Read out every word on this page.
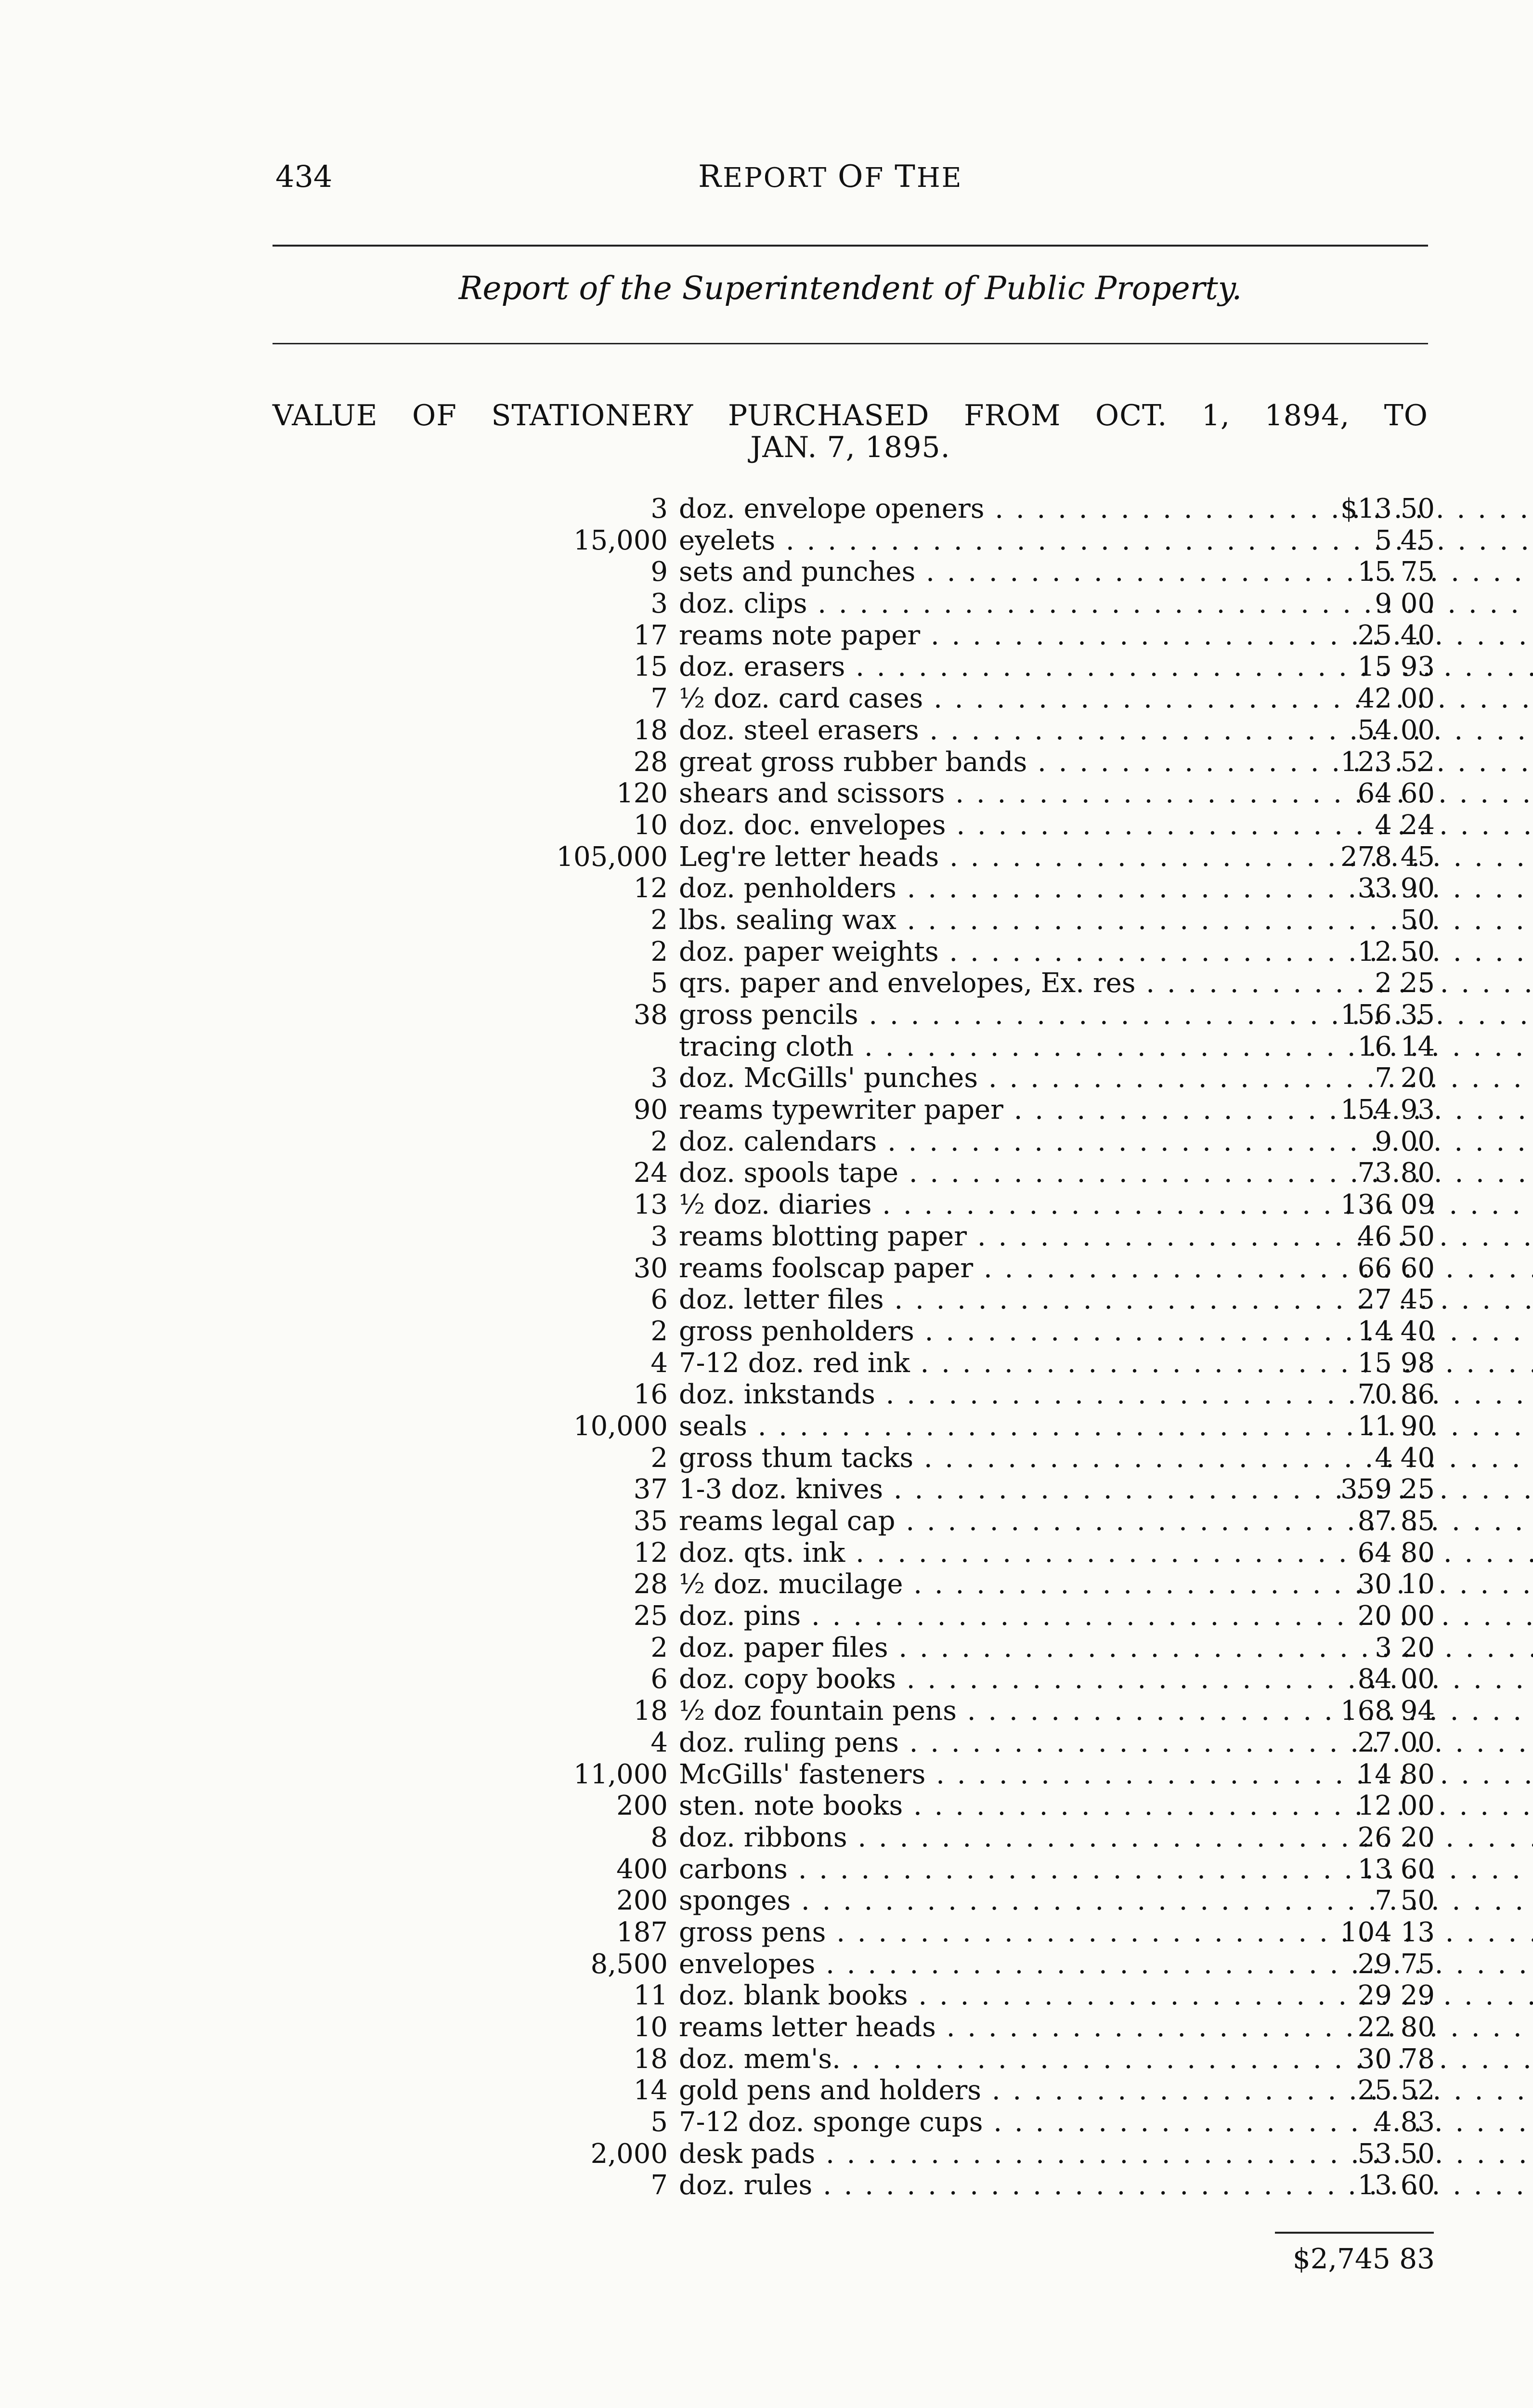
434	REPORT OF THE
Report of the Superintendent of Public Property.
VALUE OF STATIONERY PURCHASED FROM OCT. 1, 1894, TO
JAN. 7, 1895.
3 doz. envelope openers . . .	$13 50
15,000 eyelets . . .	5 45
9 sets and punches . . .	15 75
3 doz. clips . . .	9 00
17 reams note paper . . .	25 40
15 doz. erasers . . .	15 93
7 ½ doz. card cases . . .	42 00
18 doz. steel erasers . . .	54 00
28 great gross rubber bands . . .	123 52
120 shears and scissors . . .	64 60
10 doz. doc. envelopes . . .	4 24
105,000 Leg're letter heads . . .	278 45
12 doz. penholders . . .	33 90
2 lbs. sealing wax . . .	50
2 doz. paper weights . . .	12 50
5 qrs. paper and envelopes, Ex. res . . .	2 25
38 gross pencils . . .	156 35
tracing cloth . . .	16 14
3 doz. McGills' punches . . .	7 20
90 reams typewriter paper . . .	154 93
2 doz. calendars . . .	9 00
24 doz. spools tape . . .	73 80
13 ½ doz. diaries . . .	136 09
3 reams blotting paper . . .	46 50
30 reams foolscap paper . . .	66 60
6 doz. letter files . . .	27 45
2 gross penholders . . .	14 40
4 7-12 doz. red ink . . .	15 98
16 doz. inkstands . . .	70 86
10,000 seals . . .	11 90
2 gross thum tacks . . .	4 40
37 1-3 doz. knives . . .	359 25
35 reams legal cap . . .	87 85
12 doz. qts. ink . . .	64 80
28 ½ doz. mucilage . . .	30 10
25 doz. pins . . .	20 00
2 doz. paper files . . .	3 20
6 doz. copy books . . .	84 00
18 ½ doz fountain pens . . .	168 94
4 doz. ruling pens . . .	27 00
11,000 McGills' fasteners . . .	14 80
200 sten. note books . . .	12 00
8 doz. ribbons . . .	26 20
400 carbons . . .	13 60
200 sponges . . .	7 50
187 gross pens . . .	104 13
8,500 envelopes . . .	29 75
11 doz. blank books . . .	29 29
10 reams letter heads . . .	22 80
18 doz. mem's. . . .	30 78
14 gold pens and holders . . .	25 52
5 7-12 doz. sponge cups . . .	4 83
2,000 desk pads . . .	53 50
7 doz. rules . . .	13 60
$2,745 83
